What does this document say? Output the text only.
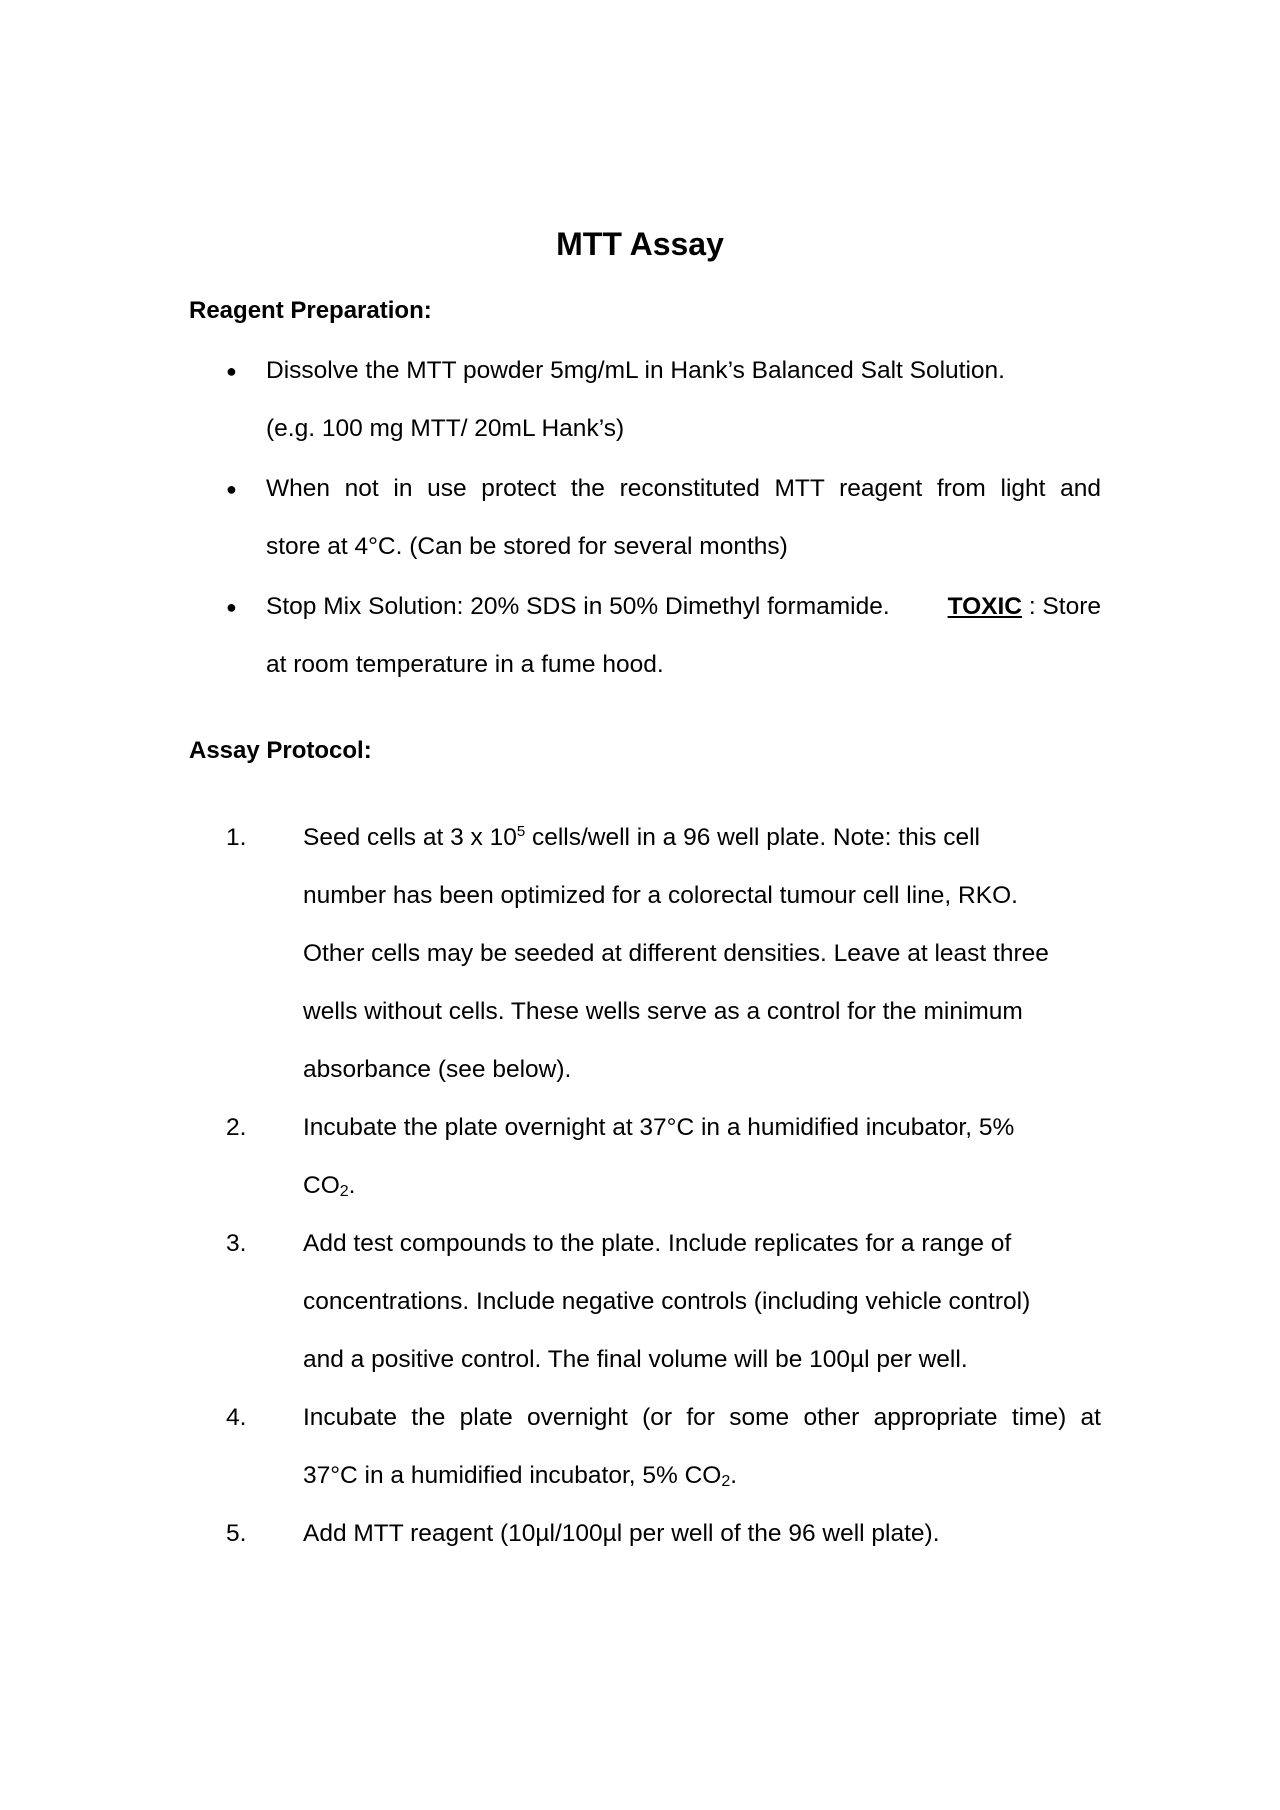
MTT Assay
Reagent Preparation:
● Dissolve the MTT powder 5mg/mL in Hank’s Balanced Salt Solution.
(e.g. 100 mg MTT/ 20mL Hank’s)
● When not in use protect the reconstituted MTT reagent from light and
store at 4°C. (Can be stored for several months)
● Stop Mix Solution: 20% SDS in 50% Dimethyl formamide. TOXIC : Store
at room temperature in a fume hood.
Assay Protocol:
1. Seed cells at 3 x $10^5$ cells/well in a 96 well plate. Note: this cell
number has been optimized for a colorectal tumour cell line, RKO.
Other cells may be seeded at different densities. Leave at least three
wells without cells. These wells serve as a control for the minimum
absorbance (see below).
2. Incubate the plate overnight at 37°C in a humidified incubator, 5%
$CO_2$.
3. Add test compounds to the plate. Include replicates for a range of
concentrations. Include negative controls (including vehicle control)
and a positive control. The final volume will be 100µl per well.
4. Incubate the plate overnight (or for some other appropriate time) at
37°C in a humidified incubator, 5% $CO_2$.
5. Add MTT reagent (10µl/100µl per well of the 96 well plate).
